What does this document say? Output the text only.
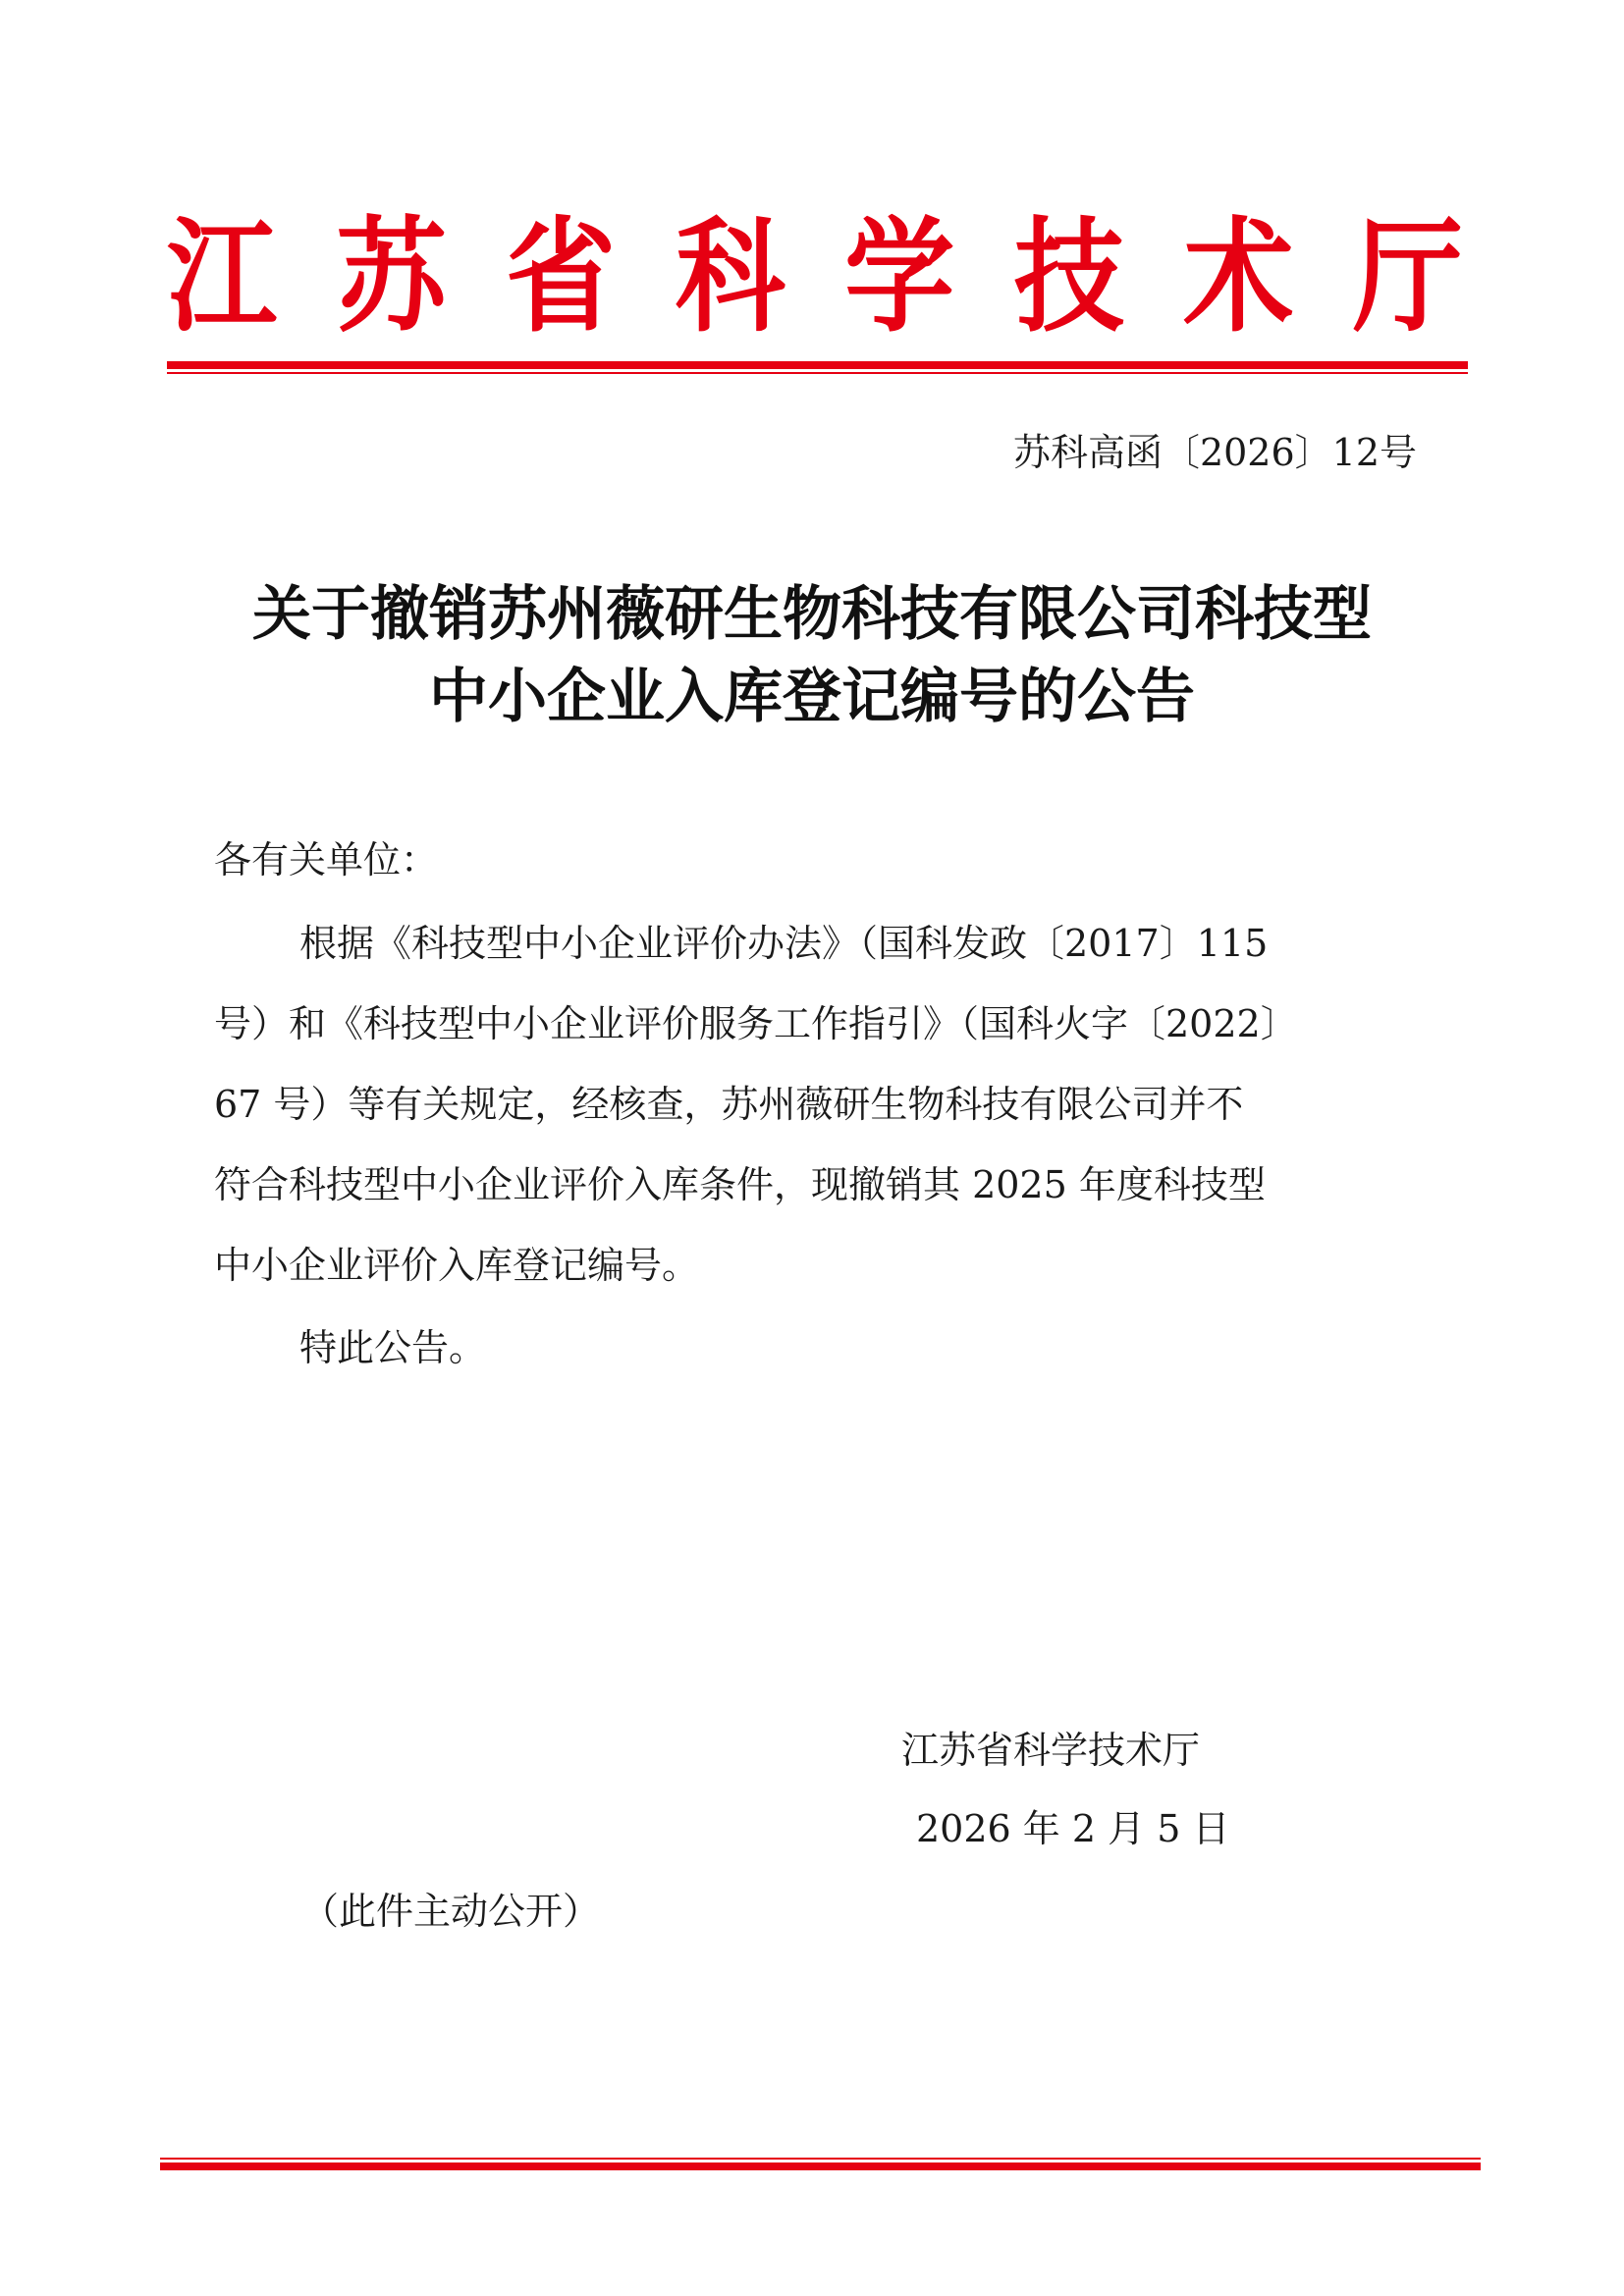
江 苏 省 科 学 技 术 厅
苏科高函〔2026〕12号
关于撤销苏州薇研生物科技有限公司科技型
中小企业入库登记编号的公告
各有关单位：
根据《科技型中小企业评价办法》（国科发政〔2017〕115
号）和《科技型中小企业评价服务工作指引》（国科火字〔2022〕
67 号）等有关规定，经核查，苏州薇研生物科技有限公司并不
符合科技型中小企业评价入库条件，现撤销其 2025 年度科技型
中小企业评价入库登记编号。
特此公告。
江苏省科学技术厅
2026 年 2 月 5 日
（此件主动公开）
